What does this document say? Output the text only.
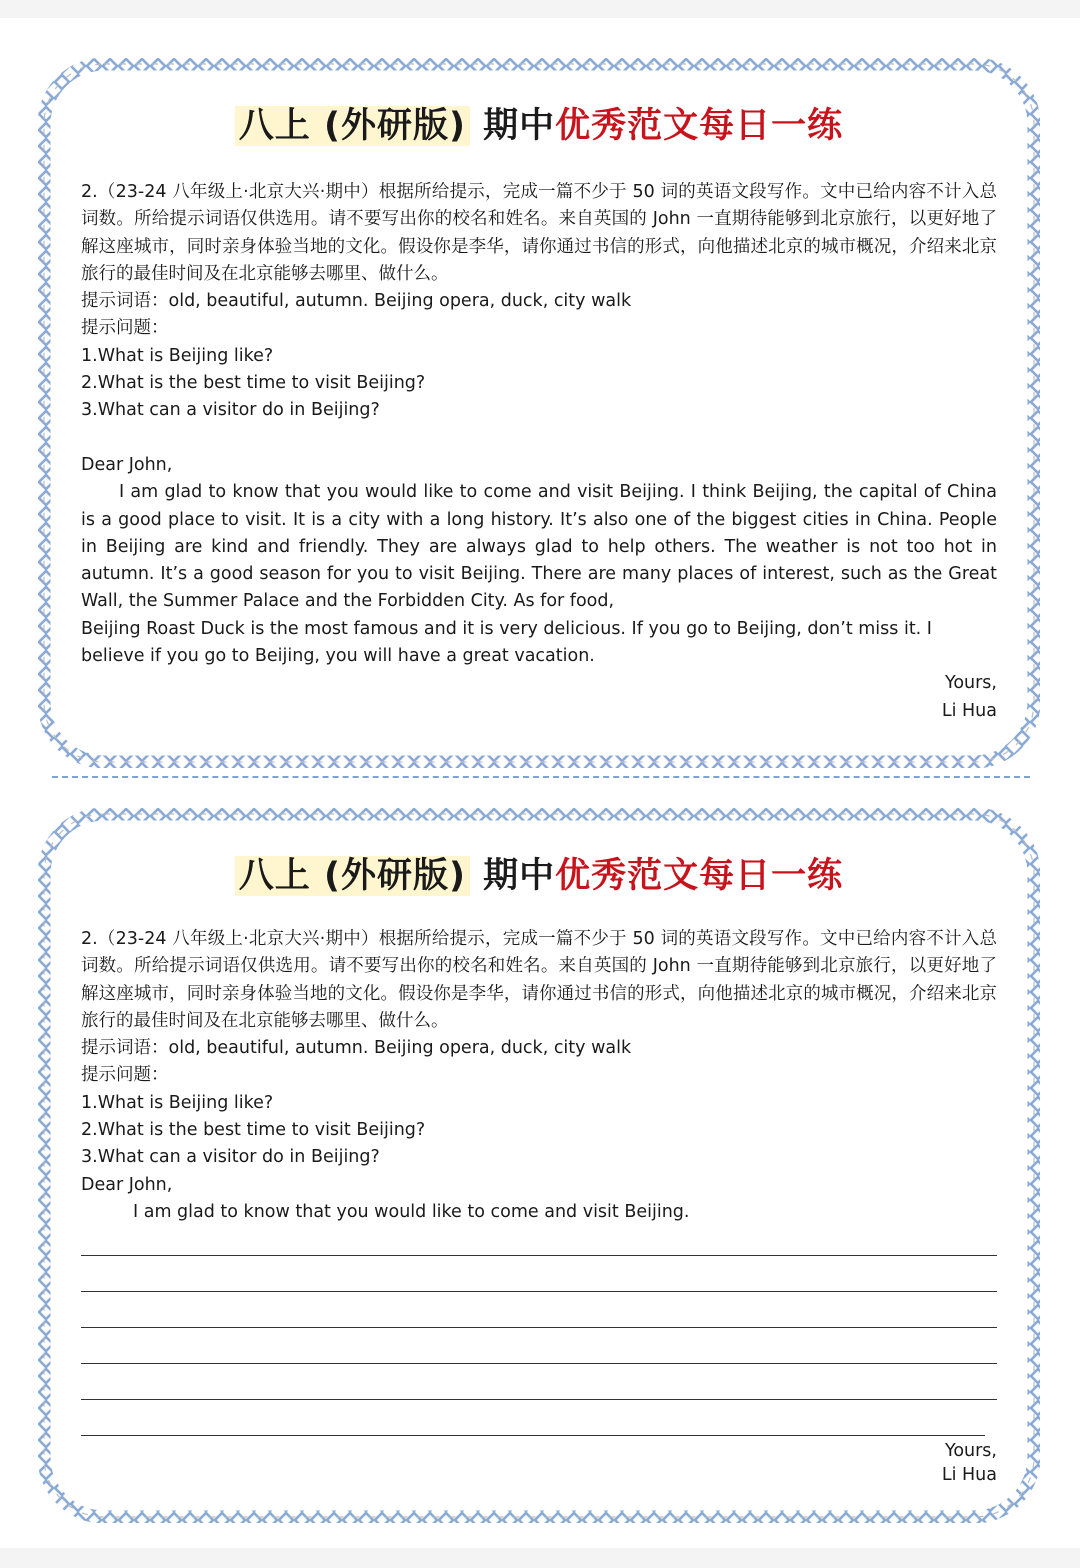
八上 (外研版) 期中优秀范文每日一练

2.（23-24 八年级上·北京大兴·期中）根据所给提示，完成一篇不少于 50 词的英语文段写作。文中已给内容不计入总词数。所给提示词语仅供选用。请不要写出你的校名和姓名。来自英国的 John 一直期待能够到北京旅行，以更好地了解这座城市，同时亲身体验当地的文化。假设你是李华，请你通过书信的形式，向他描述北京的城市概况，介绍来北京旅行的最佳时间及在北京能够去哪里、做什么。

提示词语：old, beautiful, autumn. Beijing opera, duck, city walk

提示问题：

1.What is Beijing like?

2.What is the best time to visit Beijing?

3.What can a visitor do in Beijing?

Dear John,

I am glad to know that you would like to come and visit Beijing. I think Beijing, the capital of China is a good place to visit. It is a city with a long history. It’s also one of the biggest cities in China. People in Beijing are kind and friendly. They are always glad to help others. The weather is not too hot in autumn. It’s a good season for you to visit Beijing. There are many places of interest, such as the Great Wall, the Summer Palace and the Forbidden City. As for food,

Beijing Roast Duck is the most famous and it is very delicious. If you go to Beijing, don’t miss it. I believe if you go to Beijing, you will have a great vacation.

Yours,

Li Hua

八上 (外研版) 期中优秀范文每日一练

2.（23-24 八年级上·北京大兴·期中）根据所给提示，完成一篇不少于 50 词的英语文段写作。文中已给内容不计入总词数。所给提示词语仅供选用。请不要写出你的校名和姓名。来自英国的 John 一直期待能够到北京旅行，以更好地了解这座城市，同时亲身体验当地的文化。假设你是李华，请你通过书信的形式，向他描述北京的城市概况，介绍来北京旅行的最佳时间及在北京能够去哪里、做什么。

提示词语：old, beautiful, autumn. Beijing opera, duck, city walk

提示问题：

1.What is Beijing like?

2.What is the best time to visit Beijing?

3.What can a visitor do in Beijing?

Dear John,

I am glad to know that you would like to come and visit Beijing.

Yours,
Li Hua
